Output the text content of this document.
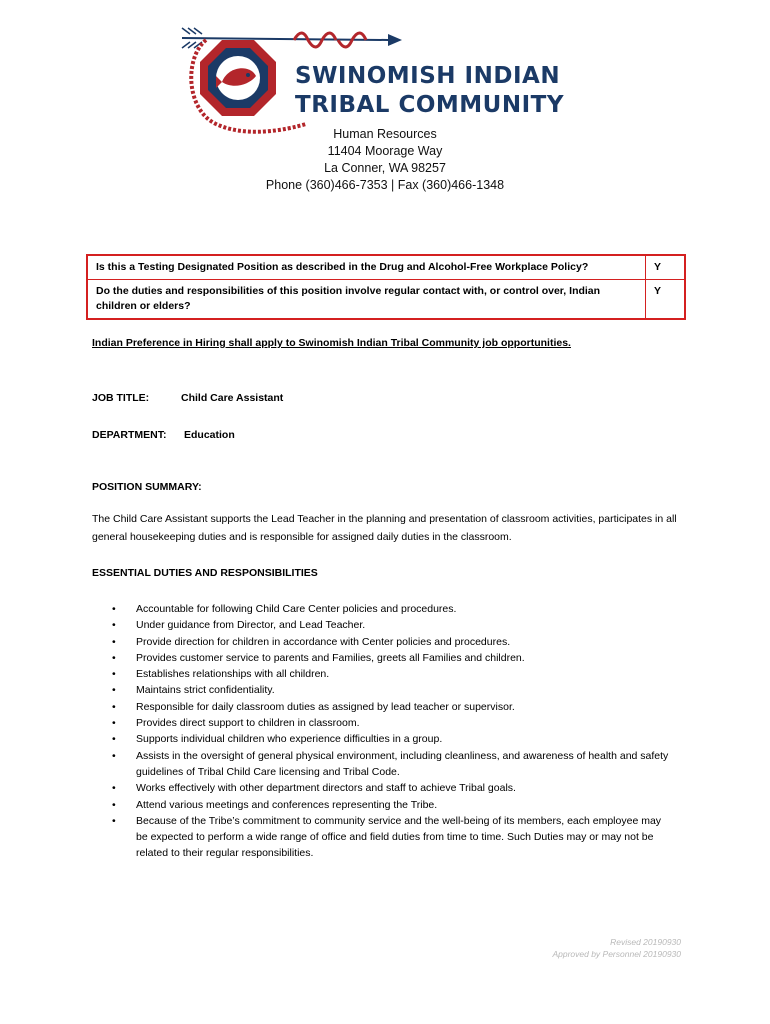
SWINOMISH INDIAN
TRIBAL COMMUNITY
Human Resources
11404 Moorage Way
La Conner, WA 98257
Phone (360)466-7353 | Fax (360)466-1348
Is this a Testing Designated Position as described in the Drug and Alcohol-Free Workplace Policy?	Y
Do the duties and responsibilities of this position involve regular contact with, or control over, Indian children or elders?	Y
Indian Preference in Hiring shall apply to Swinomish Indian Tribal Community job opportunities.
JOB TITLE:	Child Care Assistant
DEPARTMENT: Education
POSITION SUMMARY:
The Child Care Assistant supports the Lead Teacher in the planning and presentation of classroom activities, participates in all general housekeeping duties and is responsible for assigned daily duties in the classroom.
ESSENTIAL DUTIES AND RESPONSIBILITIES
• Accountable for following Child Care Center policies and procedures.
• Under guidance from Director, and Lead Teacher.
• Provide direction for children in accordance with Center policies and procedures.
• Provides customer service to parents and Families, greets all Families and children.
• Establishes relationships with all children.
• Maintains strict confidentiality.
• Responsible for daily classroom duties as assigned by lead teacher or supervisor.
• Provides direct support to children in classroom.
• Supports individual children who experience difficulties in a group.
• Assists in the oversight of general physical environment, including cleanliness, and awareness of health and safety guidelines of Tribal Child Care licensing and Tribal Code.
• Works effectively with other department directors and staff to achieve Tribal goals.
• Attend various meetings and conferences representing the Tribe.
• Because of the Tribe’s commitment to community service and the well-being of its members, each employee may be expected to perform a wide range of office and field duties from time to time. Such Duties may or may not be related to their regular responsibilities.
Revised 20190930
Approved by Personnel 20190930
